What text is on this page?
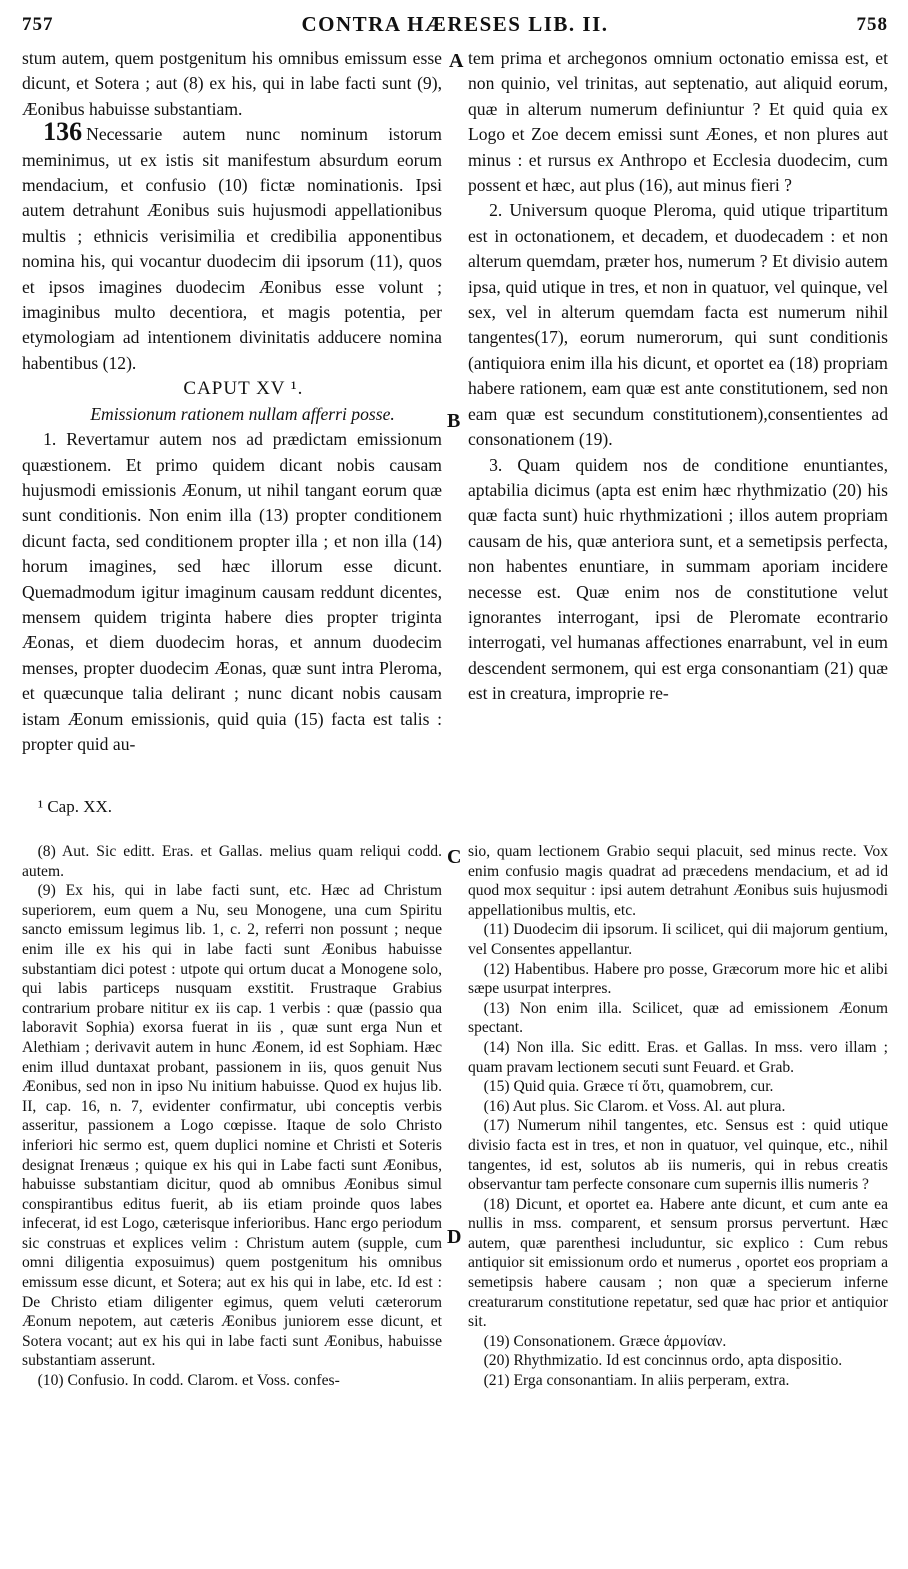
757	CONTRA HÆRESES LIB. II.	758

stum autem, quem postgenitum his omnibus emissum esse dicunt, et Sotera ; aut (8) ex his, qui in labe facti sunt (9), Æonibus habuisse substantiam.

136 Necessarie autem nunc nominum istorum meminimus, ut ex istis sit manifestum absurdum eorum mendacium, et confusio (10) fictæ nominationis. Ipsi autem detrahunt Æonibus suis hujusmodi appellationibus multis ; ethnicis verisimilia et credibilia apponentibus nomina his, qui vocantur duodecim dii ipsorum (11), quos et ipsos imagines duodecim Æonibus esse volunt ; imaginibus multo decentiora, et magis potentia, per etymologiam ad intentionem divinitatis adducere nomina habentibus (12).

CAPUT XV ¹.

Emissionum rationem nullam afferri posse.

1. Revertamur autem nos ad prædictam emissionum quæstionem. Et primo quidem dicant nobis causam hujusmodi emissionis Æonum, ut nihil tangant eorum quæ sunt conditionis. Non enim illa (13) propter conditionem dicunt facta, sed conditionem propter illa ; et non illa (14) horum imagines, sed hæc illorum esse dicunt. Quemadmodum igitur imaginum causam reddunt dicentes, mensem quidem triginta habere dies propter triginta Æonas, et diem duodecim horas, et annum duodecim menses, propter duodecim Æonas, quæ sunt intra Pleroma, et quæcunque talia delirant ; nunc dicant nobis causam istam Æonum emissionis, quid quia (15) facta est talis : propter quid au-

A
B

tem prima et archegonos omnium octonatio emissa est, et non quinio, vel trinitas, aut septenatio, aut aliquid eorum, quæ in alterum numerum definiuntur ? Et quid quia ex Logo et Zoe decem emissi sunt Æones, et non plures aut minus : et rursus ex Anthropo et Ecclesia duodecim, cum possent et hæc, aut plus (16), aut minus fieri ?

2. Universum quoque Pleroma, quid utique tripartitum est in octonationem, et decadem, et duodecadem : et non alterum quemdam, præter hos, numerum ? Et divisio autem ipsa, quid utique in tres, et non in quatuor, vel quinque, vel sex, vel in alterum quemdam facta est numerum nihil tangentes(17), eorum numerorum, qui sunt conditionis (antiquiora enim illa his dicunt, et oportet ea (18) propriam habere rationem, eam quæ est ante constitutionem, sed non eam quæ est secundum constitutionem),consentientes ad consonationem (19).

3. Quam quidem nos de conditione enuntiantes, aptabilia dicimus (apta est enim hæc rhythmizatio (20) his quæ facta sunt) huic rhythmizationi ; illos autem propriam causam de his, quæ anteriora sunt, et a semetipsis perfecta, non habentes enuntiare, in summam aporiam incidere necesse est. Quæ enim nos de constitutione velut ignorantes interrogant, ipsi de Pleromate econtrario interrogati, vel humanas affectiones enarrabunt, vel in eum descendent sermonem, qui est erga consonantiam (21) quæ est in creatura, improprie re-

¹ Cap. XX.

(8) Aut. Sic editt. Eras. et Gallas. melius quam reliqui codd. autem.

(9) Ex his, qui in labe facti sunt, etc. Hæc ad Christum superiorem, eum quem a Nu, seu Monogene, una cum Spiritu sancto emissum legimus lib. 1, c. 2, referri non possunt ; neque enim ille ex his qui in labe facti sunt Æonibus habuisse substantiam dici potest : utpote qui ortum ducat a Monogene solo, qui labis particeps nusquam exstitit. Frustraque Grabius contrarium probare nititur ex iis cap. 1 verbis : quæ (passio qua laboravit Sophia) exorsa fuerat in iis , quæ sunt erga Nun et Alethiam ; derivavit autem in hunc Æonem, id est Sophiam. Hæc enim illud duntaxat probant, passionem in iis, quos genuit Nus Æonibus, sed non in ipso Nu initium habuisse. Quod ex hujus lib. II, cap. 16, n. 7, evidenter confirmatur, ubi conceptis verbis asseritur, passionem a Logo cœpisse. Itaque de solo Christo inferiori hic sermo est, quem duplici nomine et Christi et Soteris designat Irenæus ; quique ex his qui in Labe facti sunt Æonibus, habuisse substantiam dicitur, quod ab omnibus Æonibus simul conspirantibus editus fuerit, ab iis etiam proinde quos labes infecerat, id est Logo, cæterisque inferioribus. Hanc ergo periodum sic construas et explices velim : Christum autem (supple, cum omni diligentia exposuimus) quem postgenitum his omnibus emissum esse dicunt, et Sotera; aut ex his qui in labe, etc. Id est : De Christo etiam diligenter egimus, quem veluti cæterorum Æonum nepotem, aut cæteris Æonibus juniorem esse dicunt, et Sotera vocant; aut ex his qui in labe facti sunt Æonibus, habuisse substantiam asserunt.

(10) Confusio. In codd. Clarom. et Voss. confes-

C
D

sio, quam lectionem Grabio sequi placuit, sed minus recte. Vox enim confusio magis quadrat ad præcedens mendacium, et ad id quod mox sequitur : ipsi autem detrahunt Æonibus suis hujusmodi appellationibus multis, etc.

(11) Duodecim dii ipsorum. Ii scilicet, qui dii majorum gentium, vel Consentes appellantur.

(12) Habentibus. Habere pro posse, Græcorum more hic et alibi sæpe usurpat interpres.

(13) Non enim illa. Scilicet, quæ ad emissionem Æonum spectant.

(14) Non illa. Sic editt. Eras. et Gallas. In mss. vero illam ; quam pravam lectionem secuti sunt Feuard. et Grab.

(15) Quid quia. Græce τί ὅτι, quamobrem, cur.

(16) Aut plus. Sic Clarom. et Voss. Al. aut plura.

(17) Numerum nihil tangentes, etc. Sensus est : quid utique divisio facta est in tres, et non in quatuor, vel quinque, etc., nihil tangentes, id est, solutos ab iis numeris, qui in rebus creatis observantur tam perfecte consonare cum supernis illis numeris ?

(18) Dicunt, et oportet ea. Habere ante dicunt, et cum ante ea nullis in mss. comparent, et sensum prorsus pervertunt. Hæc autem, quæ parenthesi includuntur, sic explico : Cum rebus antiquior sit emissionum ordo et numerus , oportet eos propriam a semetipsis habere causam ; non quæ a specierum inferne creaturarum constitutione repetatur, sed quæ hac prior et antiquior sit.

(19) Consonationem. Græce ἁρμονίαν.

(20) Rhythmizatio. Id est concinnus ordo, apta dispositio.

(21) Erga consonantiam. In aliis perperam, extra.
